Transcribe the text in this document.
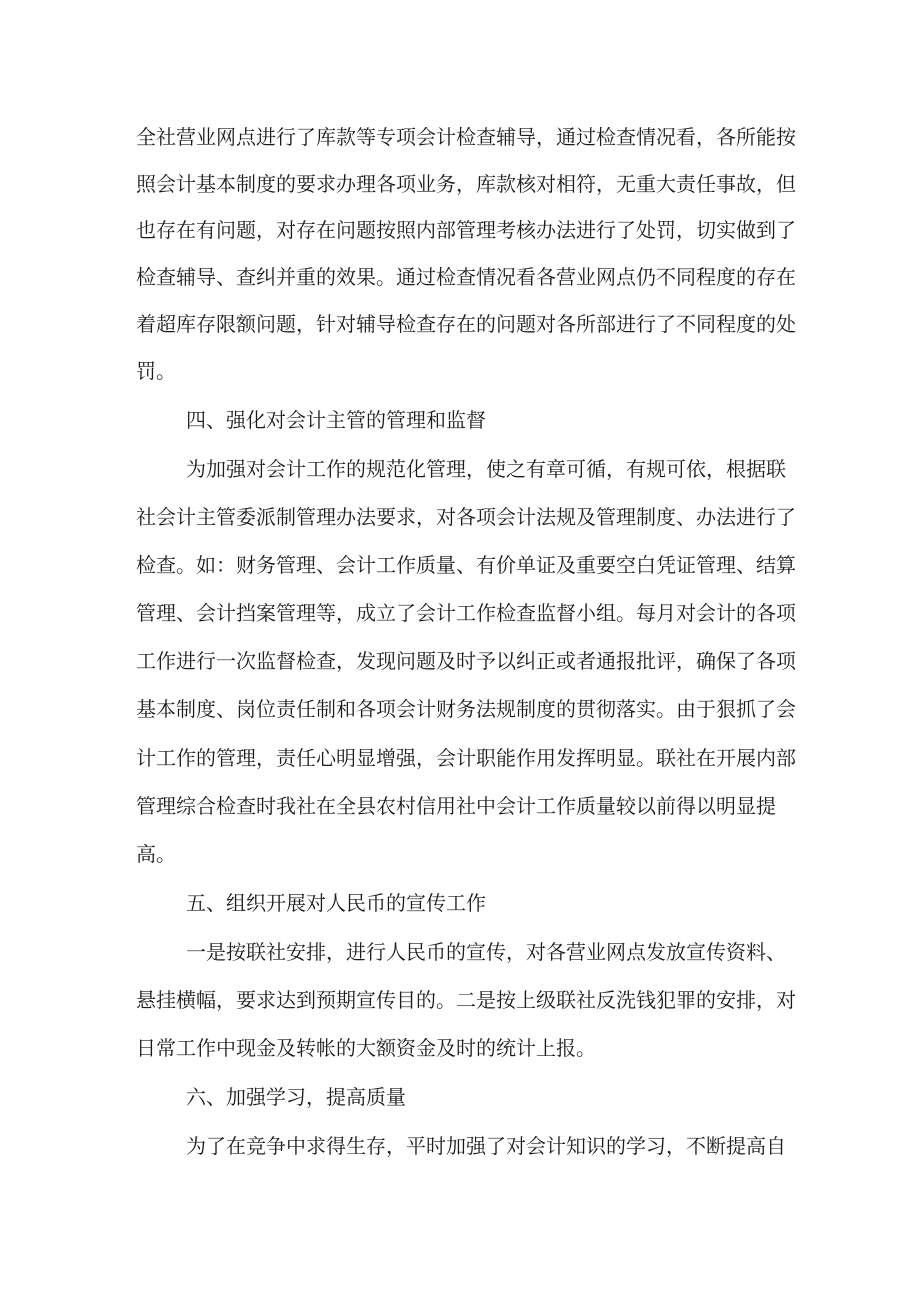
全社营业网点进行了库款等专项会计检查辅导，通过检查情况看，各所能按
照会计基本制度的要求办理各项业务，库款核对相符，无重大责任事故，但
也存在有问题，对存在问题按照内部管理考核办法进行了处罚，切实做到了
检查辅导、查纠并重的效果。通过检查情况看各营业网点仍不同程度的存在
着超库存限额问题，针对辅导检查存在的问题对各所部进行了不同程度的处
罚。
四、强化对会计主管的管理和监督
为加强对会计工作的规范化管理，使之有章可循，有规可依，根据联
社会计主管委派制管理办法要求，对各项会计法规及管理制度、办法进行了
检查。如：财务管理、会计工作质量、有价单证及重要空白凭证管理、结算
管理、会计挡案管理等，成立了会计工作检查监督小组。每月对会计的各项
工作进行一次监督检查，发现问题及时予以纠正或者通报批评，确保了各项
基本制度、岗位责任制和各项会计财务法规制度的贯彻落实。由于狠抓了会
计工作的管理，责任心明显增强，会计职能作用发挥明显。联社在开展内部
管理综合检查时我社在全县农村信用社中会计工作质量较以前得以明显提
高。
五、组织开展对人民币的宣传工作
一是按联社安排，进行人民币的宣传，对各营业网点发放宣传资料、
悬挂横幅，要求达到预期宣传目的。二是按上级联社反洗钱犯罪的安排，对
日常工作中现金及转帐的大额资金及时的统计上报。
六、加强学习，提高质量
为了在竞争中求得生存，平时加强了对会计知识的学习，不断提高自
